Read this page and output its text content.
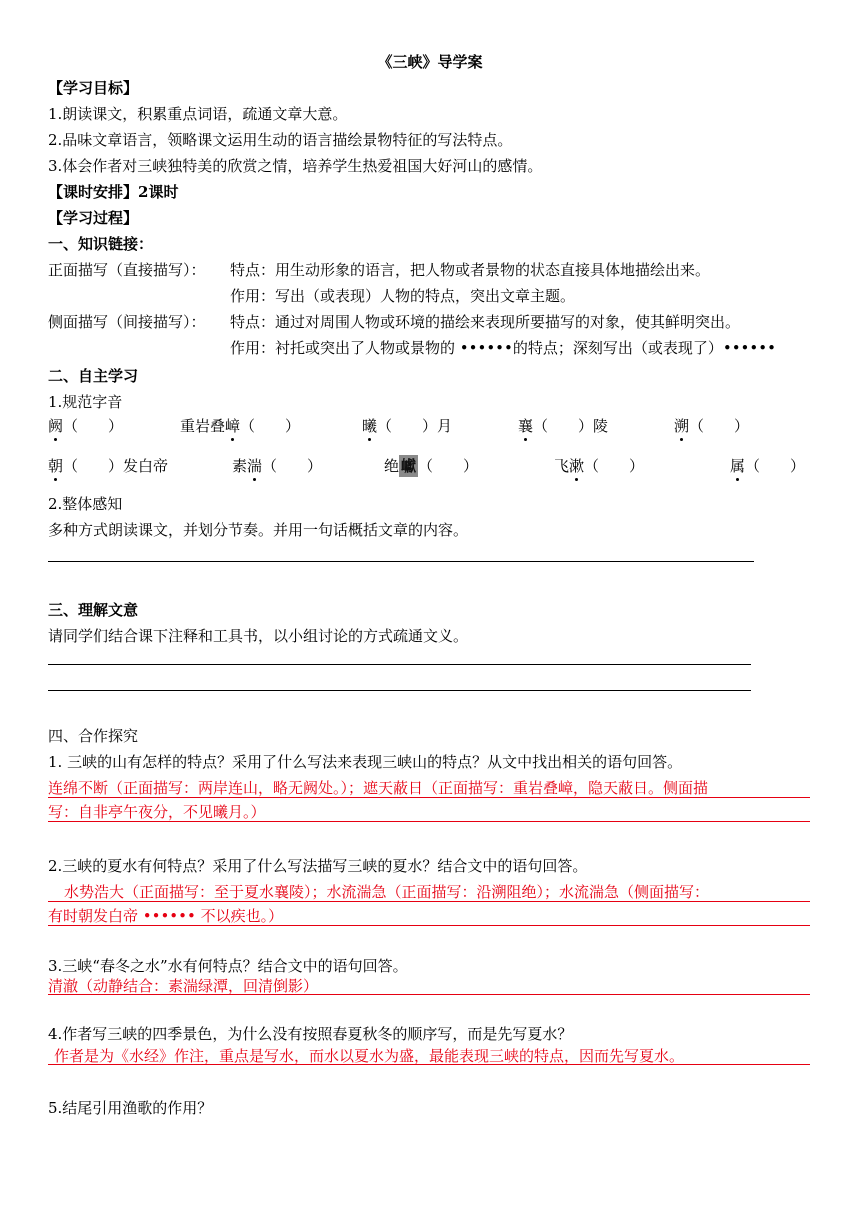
《三峡》导学案
【学习目标】
1.朗读课文，积累重点词语，疏通文章大意。
2.品味文章语言，领略课文运用生动的语言描绘景物特征的写法特点。
3.体会作者对三峡独特美的欣赏之情，培养学生热爱祖国大好河山的感情。
【课时安排】2课时
【学习过程】
一、知识链接：
正面描写（直接描写）： 特点：用生动形象的语言，把人物或者景物的状态直接具体地描绘出来。
作用：写出（或表现）人物的特点，突出文章主题。
侧面描写（间接描写）： 特点：通过对周围人物或环境的描绘来表现所要描写的对象，使其鲜明突出。
作用：衬托或突出了人物或景物的 ••••••的特点；深刻写出（或表现了）••••••
二、自主学习
1.规范字音
阙（　　）	重岩叠嶂（　　）	曦（　　）月	襄（　　）陵	溯（　　）
朝（　　）发白帝	素湍（　　）	绝 巘 （　　）	飞漱（　　）	属（　　）
2.整体感知
多种方式朗读课文，并划分节奏。并用一句话概括文章的内容。
三、理解文意
请同学们结合课下注释和工具书，以小组讨论的方式疏通文义。
四、合作探究
1. 三峡的山有怎样的特点？采用了什么写法来表现三峡山的特点？从文中找出相关的语句回答。
连绵不断（正面描写：两岸连山，略无阙处。）；遮天蔽日（正面描写：重岩叠嶂，隐天蔽日。侧面描
写：自非亭午夜分，不见曦月。）
2.三峡的夏水有何特点？采用了什么写法描写三峡的夏水？结合文中的语句回答。
水势浩大（正面描写：至于夏水襄陵）；水流湍急（正面描写：沿溯阻绝）；水流湍急（侧面描写：
有时朝发白帝 •••••• 不以疾也。）
3.三峡“春冬之水”水有何特点？结合文中的语句回答。
清澈（动静结合：素湍绿潭，回清倒影）
4.作者写三峡的四季景色，为什么没有按照春夏秋冬的顺序写，而是先写夏水？
作者是为《水经》作注，重点是写水，而水以夏水为盛，最能表现三峡的特点，因而先写夏水。
5.结尾引用渔歌的作用？
